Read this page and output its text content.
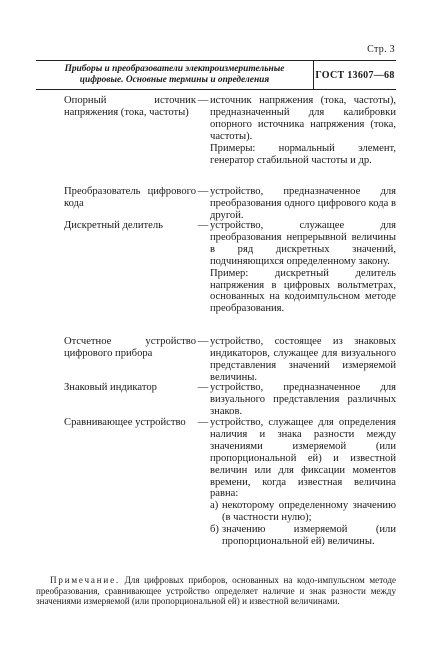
Стр. 3
Приборы и преобразователи электроизмерительные
цифровые. Основные термины и определения	ГОСТ 13607—68
Опорный источник напряжения (тока, частоты)
— источник напряжения (тока, частоты), предназначенный для калибровки опорного источника напряжения (тока, частоты).

Примеры: нормальный элемент, генератор стабильной частоты и др.

Преобразователь цифрового кода
— устройство, предназначенное для преобразования одного цифрового кода в другой.

Дискретный делитель	— устройство, служащее для преобразования непрерывной величины в ряд дискретных значений, подчиняющихся определенному закону.

Пример: дискретный делитель напряжения в цифровых вольтметрах, основанных на кодоимпульсном методе преобразования.

Отсчетное устройство цифрового прибора
— устройство, состоящее из знаковых индикаторов, служащее для визуального представления значений измеряемой величины.

Знаковый индикатор	— устройство, предназначенное для визуального представления различных знаков.

Сравнивающее устройство	— устройство, служащее для определения наличия и знака разности между значениями измеряемой (или пропорциональной ей) и известной величин или для фиксации моментов времени, когда известная величина равна:

а) некоторому определенному значению (в частности нулю);
б) значению измеряемой (или пропорциональной ей) величины.
Примечание. Для цифровых приборов, основанных на кодо-импульсном методе преобразования, сравнивающее устройство определяет наличие и знак разности между значениями измеряемой (или пропорциональной ей) и известной величинами.
